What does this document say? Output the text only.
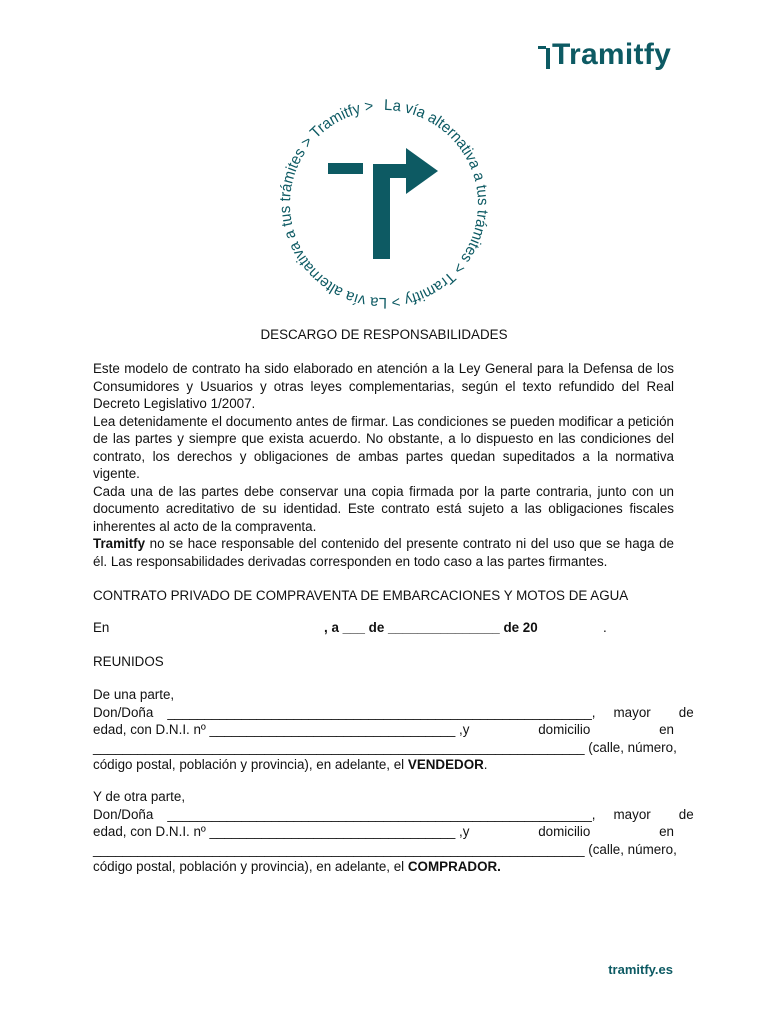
Tramitfy
La vía alternativa a tus trámites > Tramitfy > La vía alternativa a tus trámites > Tramitfy >
DESCARGO DE RESPONSABILIDADES

Este modelo de contrato ha sido elaborado en atención a la Ley General para la Defensa de los Consumidores y Usuarios y otras leyes complementarias, según el texto refundido del Real Decreto Legislativo 1/2007.

Lea detenidamente el documento antes de firmar. Las condiciones se pueden modificar a petición de las partes y siempre que exista acuerdo. No obstante, a lo dispuesto en las condiciones del contrato, los derechos y obligaciones de ambas partes quedan supeditados a la normativa vigente.

Cada una de las partes debe conservar una copia firmada por la parte contraria, junto con un documento acreditativo de su identidad. Este contrato está sujeto a las obligaciones fiscales inherentes al acto de la compraventa.

Tramitfy no se hace responsable del contenido del presente contrato ni del uso que se haga de él. Las responsabilidades derivadas corresponden en todo caso a las partes firmantes.

CONTRATO PRIVADO DE COMPRAVENTA DE EMBARCACIONES Y MOTOS DE AGUA
En	, a ___ de _______________ de 20	.
REUNIDOS
De una parte,
Don/Doña _________________________________________________________, mayor de
edad, con D.N.I. nº _________________________________ ,y	domicilio	en
__________________________________________________________________ (calle, número,
código postal, población y provincia), en adelante, el VENDEDOR.
Y de otra parte,
Don/Doña _________________________________________________________, mayor de
edad, con D.N.I. nº _________________________________ ,y	domicilio	en
__________________________________________________________________ (calle, número,
código postal, población y provincia), en adelante, el COMPRADOR.
tramitfy.es
